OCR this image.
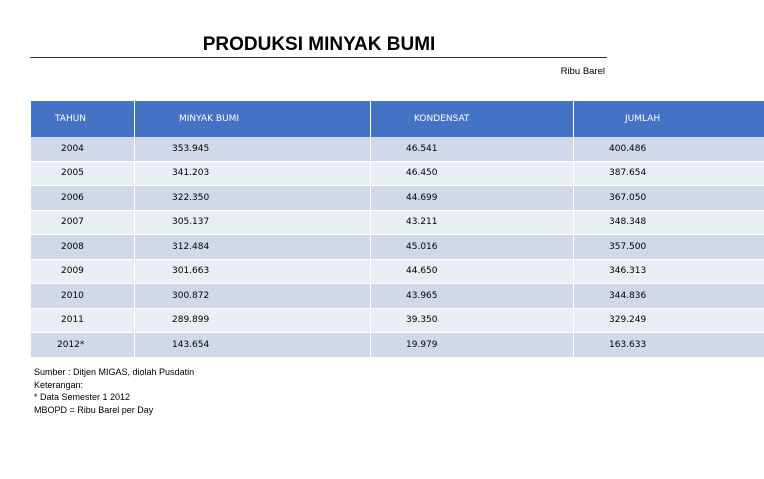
PRODUKSI MINYAK BUMI
Ribu Barel
TAHUN	MINYAK BUMI	KONDENSAT	JUMLAH
2004	353.945	46.541	400.486
2005	341.203	46.450	387.654
2006	322.350	44.699	367.050
2007	305.137	43.211	348.348
2008	312.484	45.016	357.500
2009	301.663	44.650	346.313
2010	300.872	43.965	344.836
2011	289.899	39.350	329.249
2012*	143.654	19.979	163.633
Sumber : Ditjen MIGAS, diolah Pusdatin
Keterangan:
* Data Semester 1 2012
MBOPD = Ribu Barel per Day
